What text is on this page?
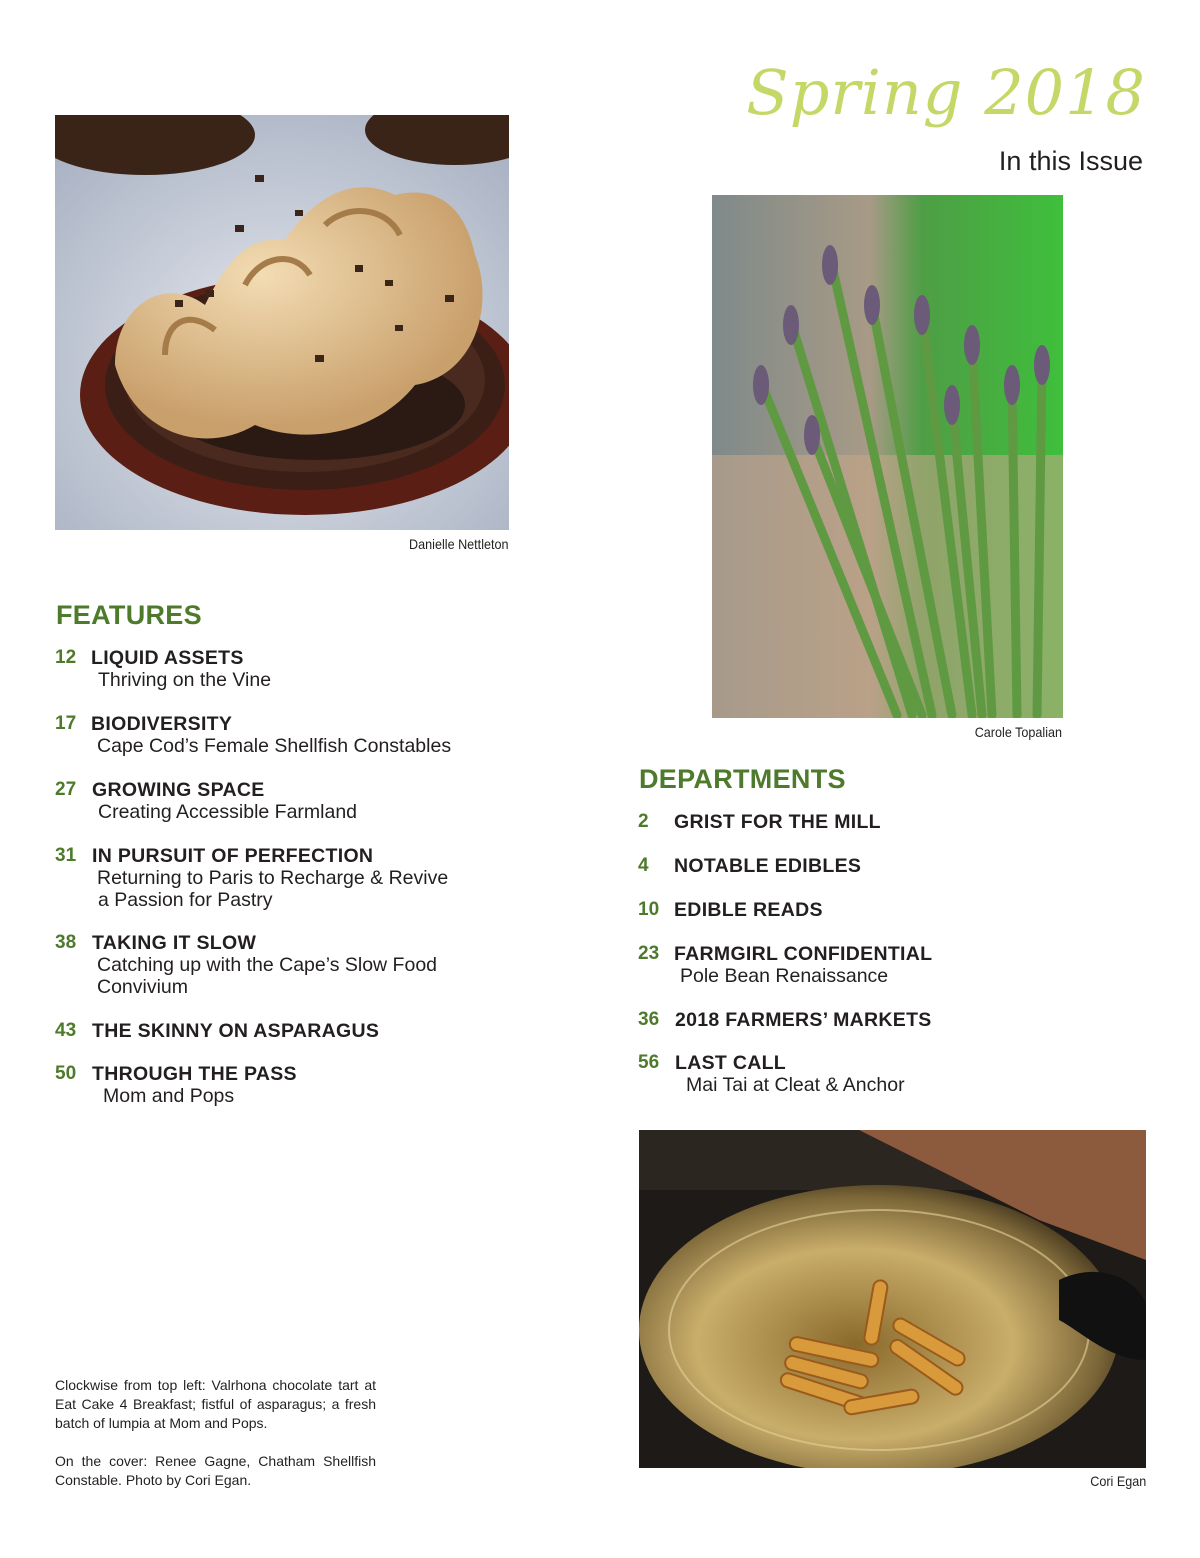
Spring 2018
In this Issue
Danielle Nettleton
Carole Topalian
Cori Egan
FEATURES
12 LIQUID ASSETS
Thriving on the Vine
17 BIODIVERSITY
Cape Cod’s Female Shellfish Constables
27 GROWING SPACE
Creating Accessible Farmland
31 IN PURSUIT OF PERFECTION
Returning to Paris to Recharge & Revive
a Passion for Pastry
38 TAKING IT SLOW
Catching up with the Cape’s Slow Food
Convivium
43 THE SKINNY ON ASPARAGUS
50 THROUGH THE PASS
Mom and Pops
DEPARTMENTS
2 GRIST FOR THE MILL
4 NOTABLE EDIBLES
10 EDIBLE READS
23 FARMGIRL CONFIDENTIAL
Pole Bean Renaissance
36 2018 FARMERS’ MARKETS
56 LAST CALL
Mai Tai at Cleat & Anchor
Clockwise from top left: Valrhona chocolate tart at Eat Cake 4 Breakfast; fistful of asparagus; a fresh batch of lumpia at Mom and Pops.
On the cover: Renee Gagne, Chatham Shellfish Constable. Photo by Cori Egan.
